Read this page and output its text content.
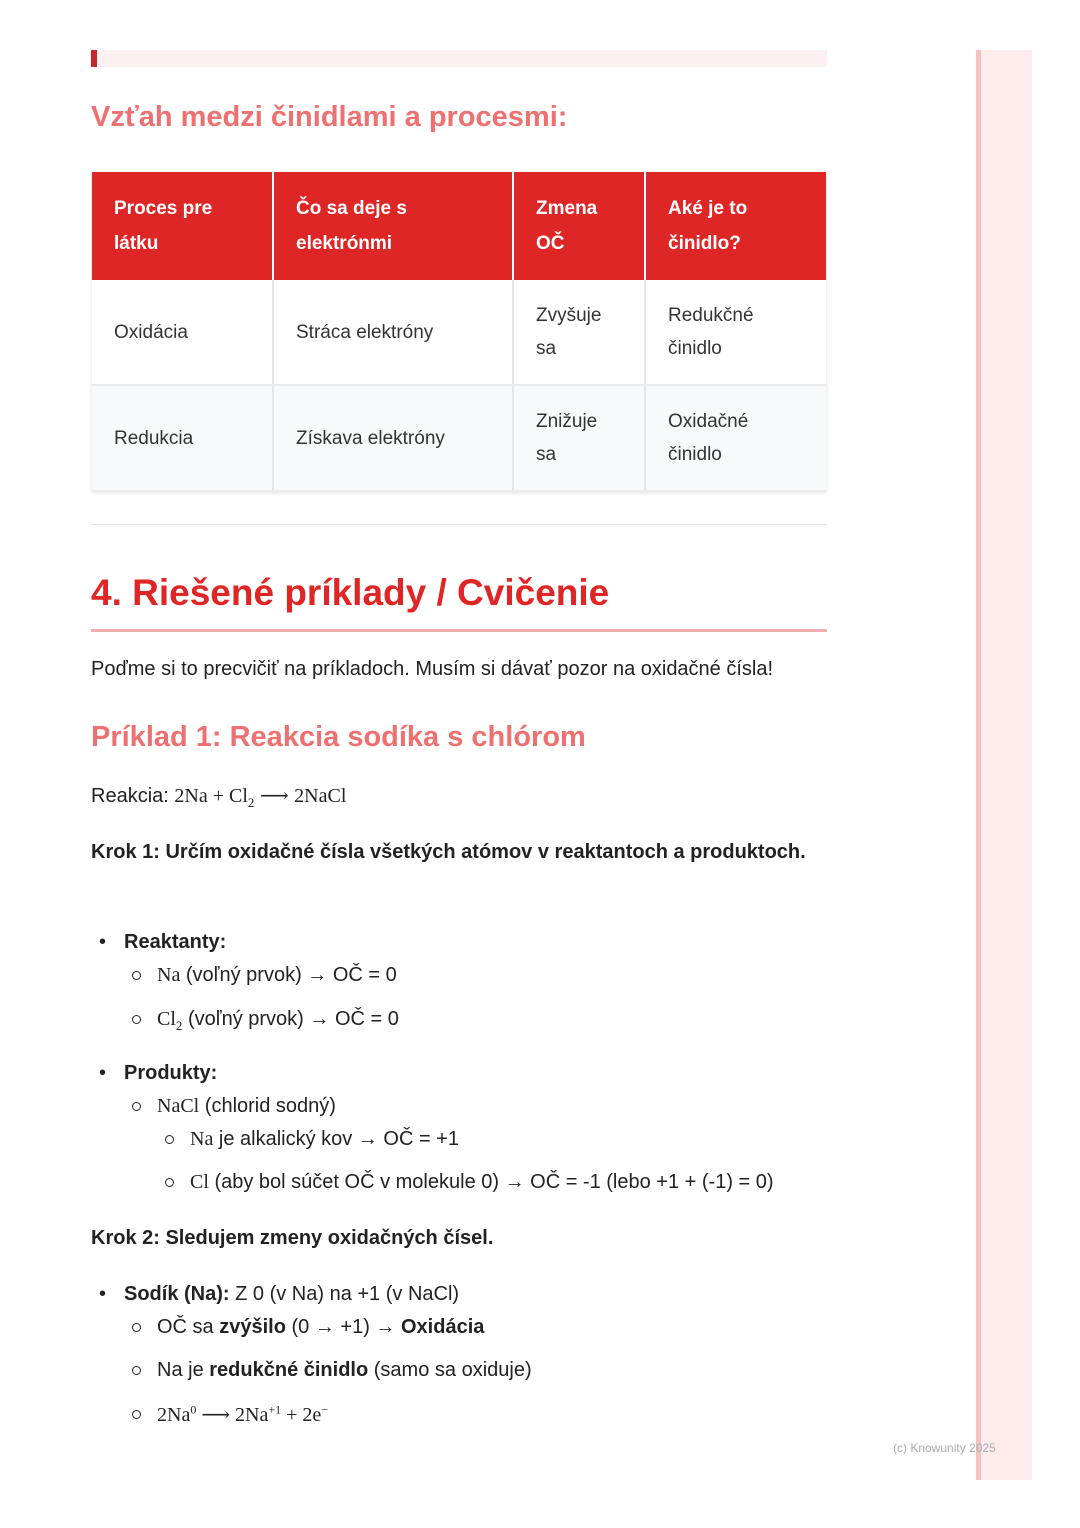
Vzťah medzi činidlami a procesmi:
Proces pre látku	Čo sa deje s elektrónmi	Zmena OČ	Aké je to činidlo?
Oxidácia	Stráca elektróny	Zvyšuje sa	Redukčné činidlo
Redukcia	Získava elektróny	Znižuje sa	Oxidačné činidlo
4. Riešené príklady / Cvičenie

Poďme si to precvičiť na príkladoch. Musím si dávať pozor na oxidačné čísla!

Príklad 1: Reakcia sodíka s chlórom

Reakcia: $2Na + Cl_2$ ⟶ 2NaCl

Krok 1: Určím oxidačné čísla všetkých atómov v reaktantoch a produktoch.

• Reaktanty:
Na (voľný prvok) → OČ = 0
$Cl_2$ (voľný prvok) → OČ = 0
• Produkty:
NaCl (chlorid sodný)
Na je alkalický kov → OČ = +1
Cl (aby bol súčet OČ v molekule 0) → OČ = -1 (lebo +1 + (-1) = 0)

Krok 2: Sledujem zmeny oxidačných čísel.

• Sodík (Na): Z 0 (v Na) na +1 (v NaCl)
OČ sa zvýšilo (0 → +1) → Oxidácia
Na je redukčné činidlo (samo sa oxiduje)
2Na$^0$ ⟶ $2Na^{+1} + 2e^-$
(c) Knowunity 2025
